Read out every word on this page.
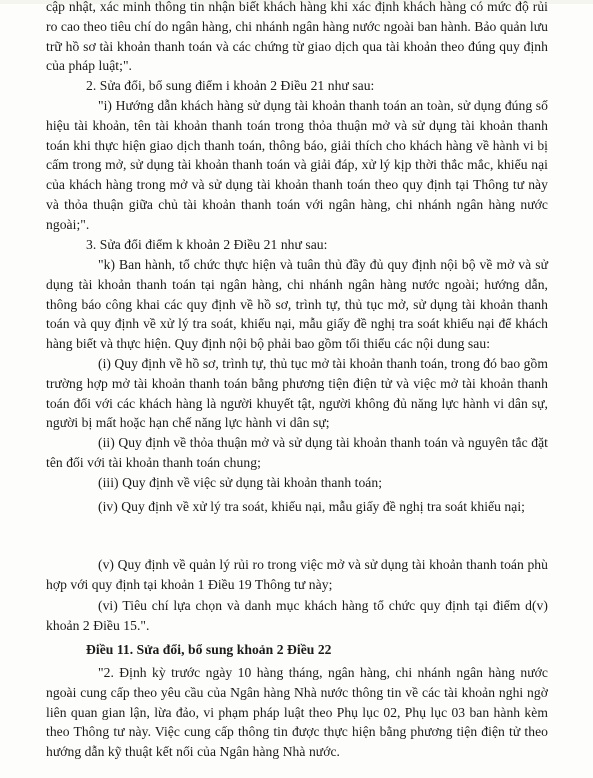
cập nhật, xác minh thông tin nhận biết khách hàng khi xác định khách hàng có mức độ rủi ro cao theo tiêu chí do ngân hàng, chi nhánh ngân hàng nước ngoài ban hành. Bảo quản lưu trữ hồ sơ tài khoản thanh toán và các chứng từ giao dịch qua tài khoản theo đúng quy định của pháp luật;".

2. Sửa đổi, bổ sung điểm i khoản 2 Điều 21 như sau:

"i) Hướng dẫn khách hàng sử dụng tài khoản thanh toán an toàn, sử dụng đúng số hiệu tài khoản, tên tài khoản thanh toán trong thỏa thuận mở và sử dụng tài khoản thanh toán khi thực hiện giao dịch thanh toán, thông báo, giải thích cho khách hàng về hành vi bị cấm trong mở, sử dụng tài khoản thanh toán và giải đáp, xử lý kịp thời thắc mắc, khiếu nại của khách hàng trong mở và sử dụng tài khoản thanh toán theo quy định tại Thông tư này và thỏa thuận giữa chủ tài khoản thanh toán với ngân hàng, chi nhánh ngân hàng nước ngoài;".

3. Sửa đổi điểm k khoản 2 Điều 21 như sau:

"k) Ban hành, tổ chức thực hiện và tuân thủ đầy đủ quy định nội bộ về mở và sử dụng tài khoản thanh toán tại ngân hàng, chi nhánh ngân hàng nước ngoài; hướng dẫn, thông báo công khai các quy định về hồ sơ, trình tự, thủ tục mở, sử dụng tài khoản thanh toán và quy định về xử lý tra soát, khiếu nại, mẫu giấy đề nghị tra soát khiếu nại để khách hàng biết và thực hiện. Quy định nội bộ phải bao gồm tối thiểu các nội dung sau:

(i) Quy định về hồ sơ, trình tự, thủ tục mở tài khoản thanh toán, trong đó bao gồm trường hợp mở tài khoản thanh toán bằng phương tiện điện tử và việc mở tài khoản thanh toán đối với các khách hàng là người khuyết tật, người không đủ năng lực hành vi dân sự, người bị mất hoặc hạn chế năng lực hành vi dân sự;

(ii) Quy định về thỏa thuận mở và sử dụng tài khoản thanh toán và nguyên tắc đặt tên đối với tài khoản thanh toán chung;

(iii) Quy định về việc sử dụng tài khoản thanh toán;

(iv) Quy định về xử lý tra soát, khiếu nại, mẫu giấy đề nghị tra soát khiếu nại;

(v) Quy định về quản lý rủi ro trong việc mở và sử dụng tài khoản thanh toán phù hợp với quy định tại khoản 1 Điều 19 Thông tư này;

(vi) Tiêu chí lựa chọn và danh mục khách hàng tổ chức quy định tại điểm d(v) khoản 2 Điều 15.".

Điều 11. Sửa đổi, bổ sung khoản 2 Điều 22

"2. Định kỳ trước ngày 10 hàng tháng, ngân hàng, chi nhánh ngân hàng nước ngoài cung cấp theo yêu cầu của Ngân hàng Nhà nước thông tin về các tài khoản nghi ngờ liên quan gian lận, lừa đảo, vi phạm pháp luật theo Phụ lục 02, Phụ lục 03 ban hành kèm theo Thông tư này. Việc cung cấp thông tin được thực hiện bằng phương tiện điện tử theo hướng dẫn kỹ thuật kết nối của Ngân hàng Nhà nước.
